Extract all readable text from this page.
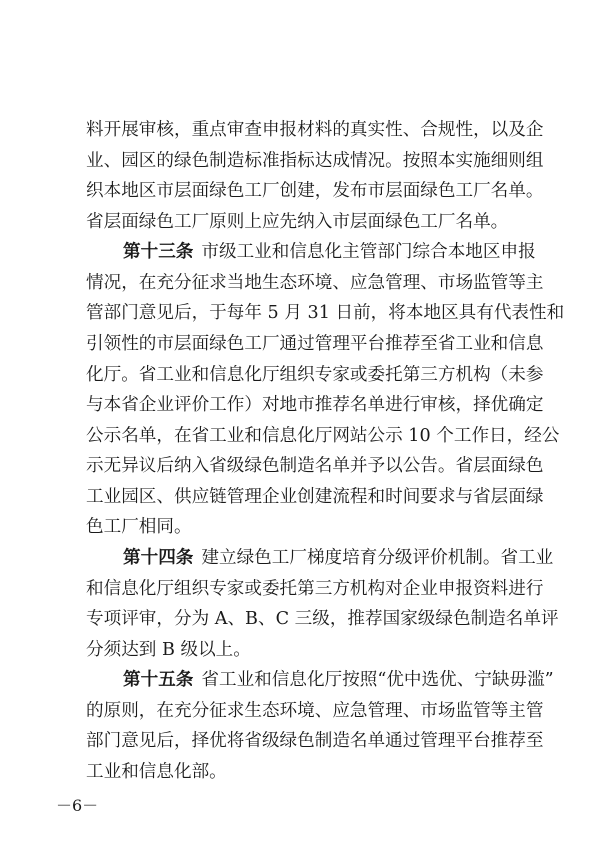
料开展审核，重点审查申报材料的真实性、合规性，以及企
业、园区的绿色制造标准指标达成情况。按照本实施细则组
织本地区市层面绿色工厂创建，发布市层面绿色工厂名单。
省层面绿色工厂原则上应先纳入市层面绿色工厂名单。
第十三条 市级工业和信息化主管部门综合本地区申报
情况，在充分征求当地生态环境、应急管理、市场监管等主
管部门意见后，于每年 5 月 31 日前，将本地区具有代表性和
引领性的市层面绿色工厂通过管理平台推荐至省工业和信息
化厅。省工业和信息化厅组织专家或委托第三方机构（未参
与本省企业评价工作）对地市推荐名单进行审核，择优确定
公示名单，在省工业和信息化厅网站公示 10 个工作日，经公
示无异议后纳入省级绿色制造名单并予以公告。省层面绿色
工业园区、供应链管理企业创建流程和时间要求与省层面绿
色工厂相同。
第十四条 建立绿色工厂梯度培育分级评价机制。省工业
和信息化厅组织专家或委托第三方机构对企业申报资料进行
专项评审，分为 A、B、C 三级，推荐国家级绿色制造名单评
分须达到 B 级以上。
第十五条 省工业和信息化厅按照“优中选优、宁缺毋滥”
的原则，在充分征求生态环境、应急管理、市场监管等主管
部门意见后，择优将省级绿色制造名单通过管理平台推荐至
工业和信息化部。
－6－
